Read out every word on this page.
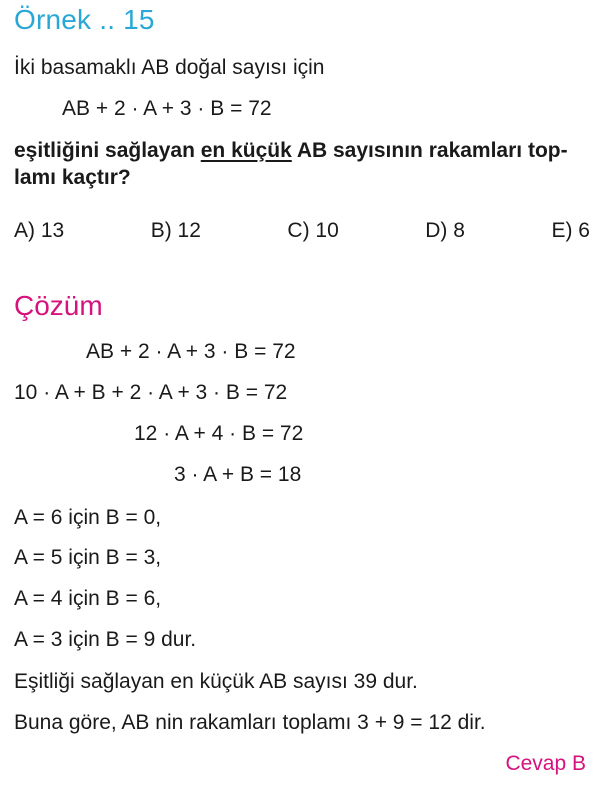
Örnek .. 15
İki basamaklı AB doğal sayısı için
AB + 2 · A + 3 · B = 72
eşitliğini sağlayan en küçük AB sayısının rakamları top-
lamı kaçtır?
A) 13	B) 12	C) 10	D) 8	E) 6
Çözüm
AB + 2 · A + 3 · B = 72
10 · A + B + 2 · A + 3 · B = 72
12 · A + 4 · B = 72
3 · A + B = 18
A = 6 için B = 0,
A = 5 için B = 3,
A = 4 için B = 6,
A = 3 için B = 9 dur.
Eşitliği sağlayan en küçük AB sayısı 39 dur.
Buna göre, AB nin rakamları toplamı 3 + 9 = 12 dir.
Cevap B
